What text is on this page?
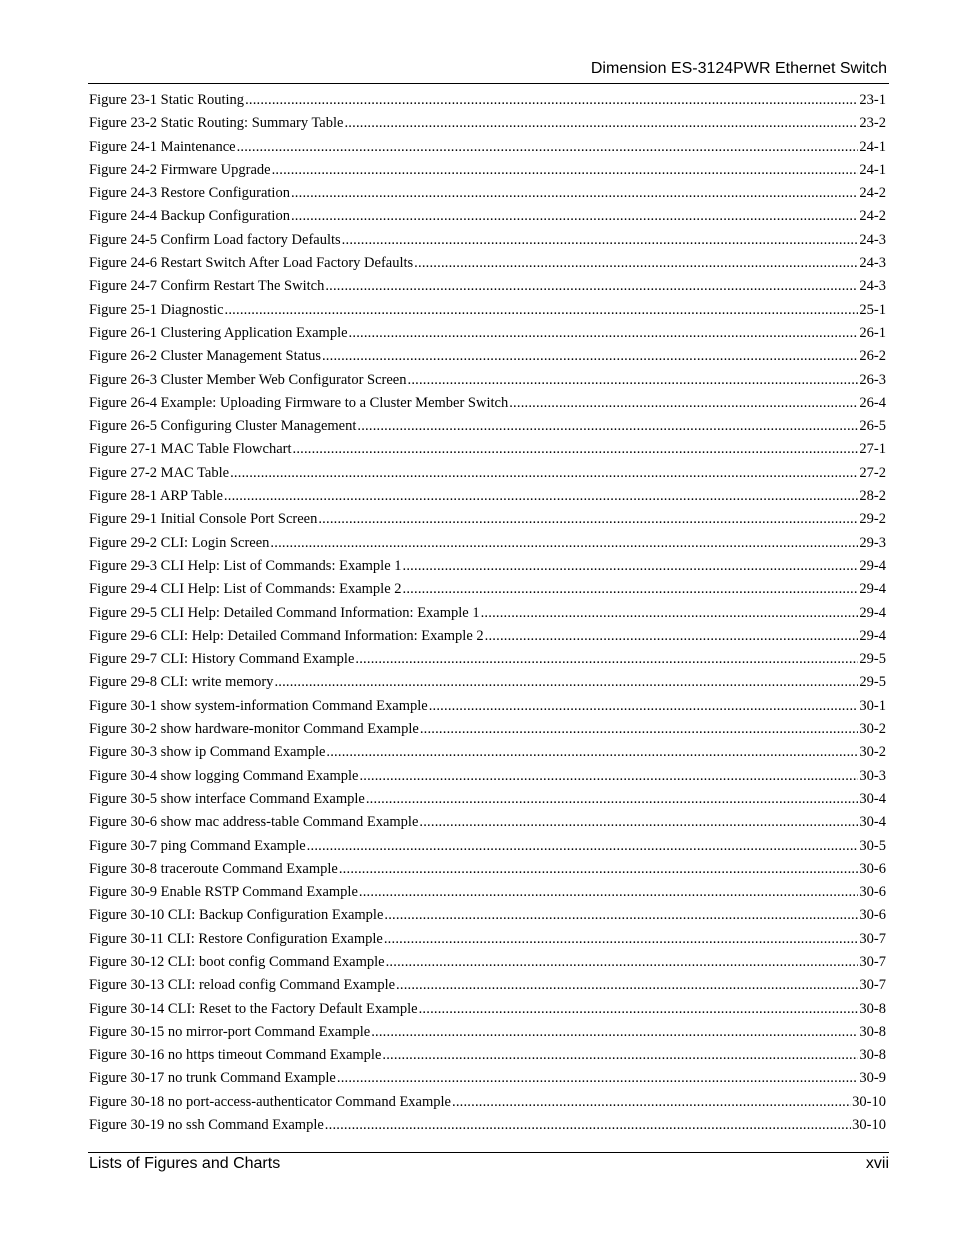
Dimension ES-3124PWR Ethernet Switch
Figure 23-1 Static Routing .....	23-1
Figure 23-2 Static Routing: Summary Table .....	23-2
Figure 24-1 Maintenance .....	24-1
Figure 24-2 Firmware Upgrade .....	24-1
Figure 24-3 Restore Configuration .....	24-2
Figure 24-4 Backup Configuration .....	24-2
Figure 24-5 Confirm Load factory Defaults .....	24-3
Figure 24-6 Restart Switch After Load Factory Defaults .....	24-3
Figure 24-7 Confirm Restart The Switch .....	24-3
Figure 25-1 Diagnostic .....	25-1
Figure 26-1 Clustering Application Example .....	26-1
Figure 26-2 Cluster Management Status .....	26-2
Figure 26-3 Cluster Member Web Configurator Screen .....	26-3
Figure 26-4 Example: Uploading Firmware to a Cluster Member Switch .....	26-4
Figure 26-5 Configuring Cluster Management .....	26-5
Figure 27-1 MAC Table Flowchart .....	27-1
Figure 27-2 MAC Table .....	27-2
Figure 28-1 ARP Table .....	28-2
Figure 29-1 Initial Console Port Screen .....	29-2
Figure 29-2 CLI: Login Screen .....	29-3
Figure 29-3 CLI Help: List of Commands: Example 1 .....	29-4
Figure 29-4 CLI Help: List of Commands: Example 2 .....	29-4
Figure 29-5 CLI Help: Detailed Command Information: Example 1 .....	29-4
Figure 29-6 CLI: Help: Detailed Command Information: Example 2 .....	29-4
Figure 29-7 CLI: History Command Example .....	29-5
Figure 29-8 CLI: write memory .....	29-5
Figure 30-1 show system-information Command Example .....	30-1
Figure 30-2 show hardware-monitor Command Example .....	30-2
Figure 30-3 show ip Command Example .....	30-2
Figure 30-4 show logging Command Example .....	30-3
Figure 30-5 show interface Command Example .....	30-4
Figure 30-6 show mac address-table Command Example .....	30-4
Figure 30-7 ping Command Example .....	30-5
Figure 30-8 traceroute Command Example .....	30-6
Figure 30-9 Enable RSTP Command Example .....	30-6
Figure 30-10 CLI: Backup Configuration Example .....	30-6
Figure 30-11 CLI: Restore Configuration Example .....	30-7
Figure 30-12 CLI: boot config Command Example .....	30-7
Figure 30-13 CLI: reload config Command Example .....	30-7
Figure 30-14 CLI: Reset to the Factory Default Example .....	30-8
Figure 30-15 no mirror-port Command Example .....	30-8
Figure 30-16 no https timeout Command Example .....	30-8
Figure 30-17 no trunk Command Example .....	30-9
Figure 30-18 no port-access-authenticator Command Example .....	30-10
Figure 30-19 no ssh Command Example .....	30-10
Lists of Figures and Charts	xvii
